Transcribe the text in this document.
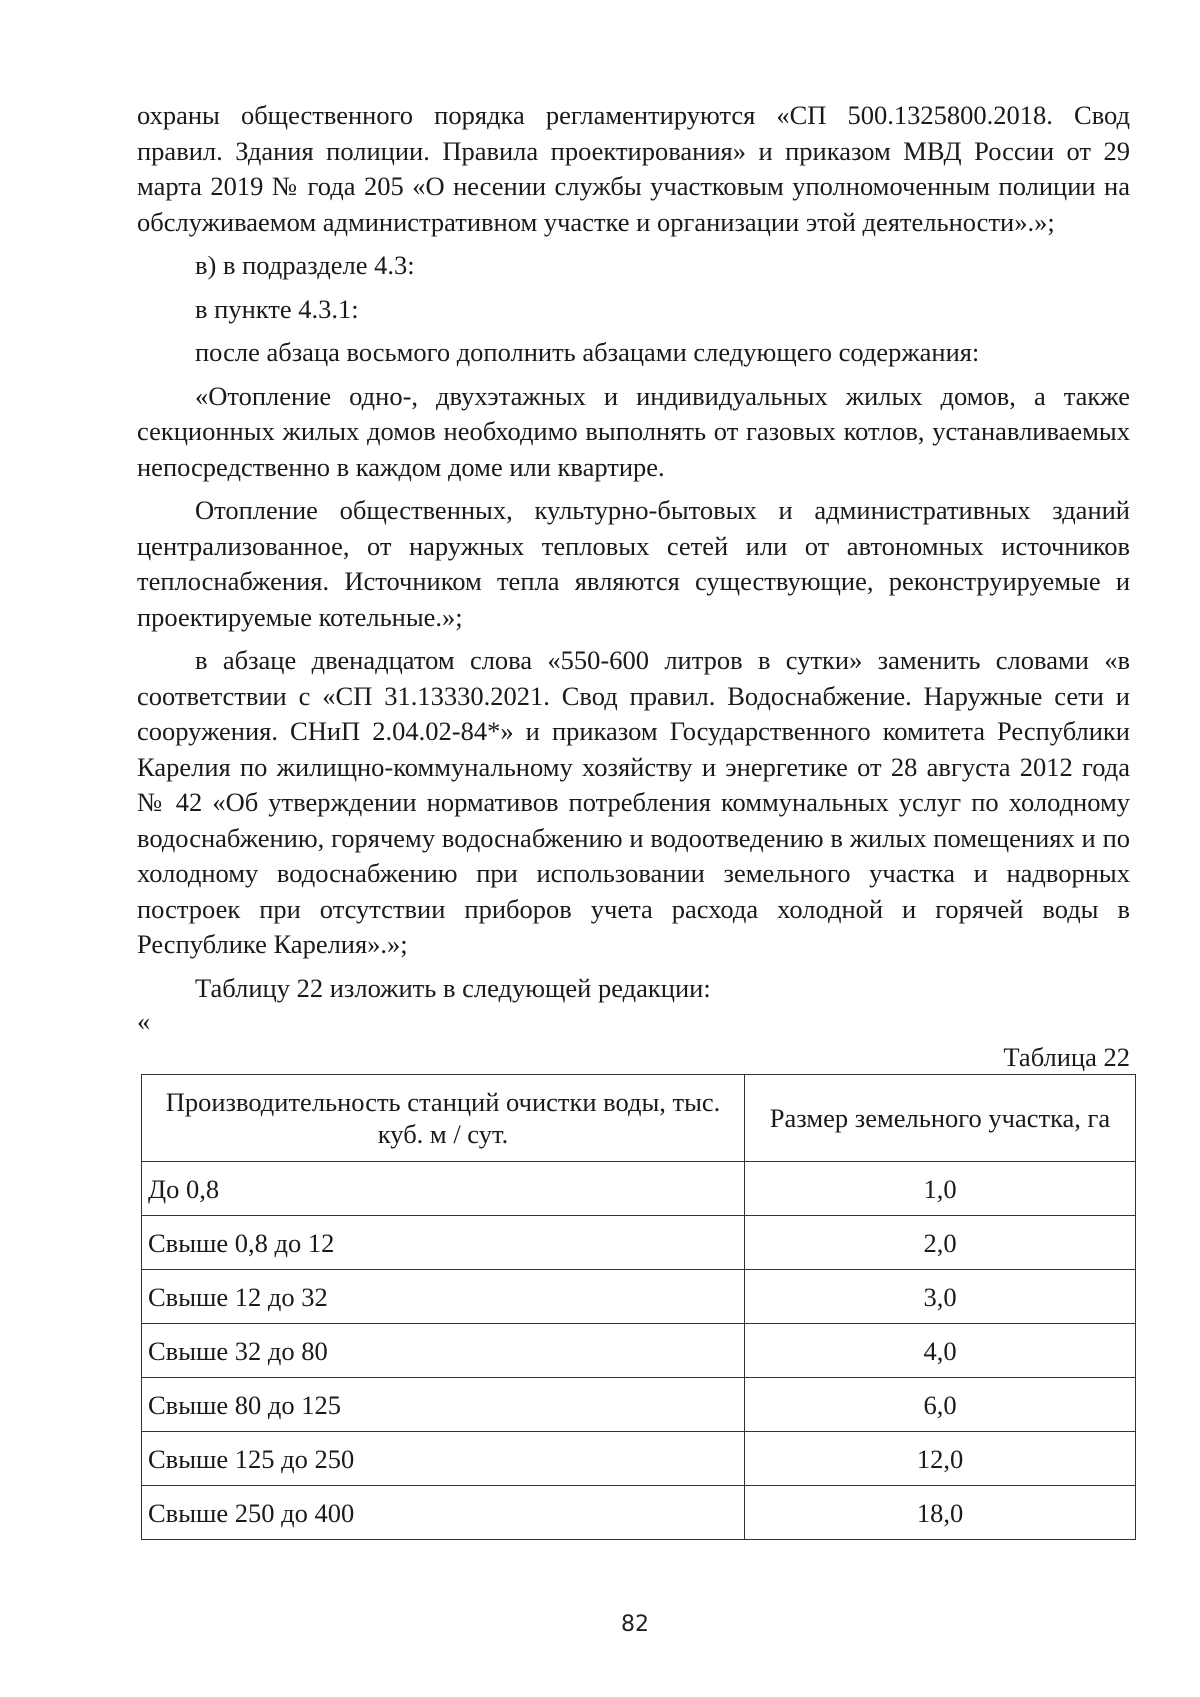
охраны общественного порядка регламентируются «СП 500.1325800.2018. Свод правил. Здания полиции. Правила проектирования» и приказом МВД России от 29 марта 2019 № года 205 «О несении службы участковым уполномоченным полиции на обслуживаемом административном участке и организации этой деятельности».»;

в) в подразделе 4.3:

в пункте 4.3.1:

после абзаца восьмого дополнить абзацами следующего содержания:

«Отопление одно-, двухэтажных и индивидуальных жилых домов, а также секционных жилых домов необходимо выполнять от газовых котлов, устанавливаемых непосредственно в каждом доме или квартире.

Отопление общественных, культурно-бытовых и административных зданий централизованное, от наружных тепловых сетей или от автономных источников теплоснабжения. Источником тепла являются существующие, реконструируемые и проектируемые котельные.»;

в абзаце двенадцатом слова «550-600 литров в сутки» заменить словами «в соответствии с «СП 31.13330.2021. Свод правил. Водоснабжение. Наружные сети и сооружения. СНиП 2.04.02-84*» и приказом Государственного комитета Республики Карелия по жилищно-коммунальному хозяйству и энергетике от 28 августа 2012 года № 42 «Об утверждении нормативов потребления коммунальных услуг по холодному водоснабжению, горячему водоснабжению и водоотведению в жилых помещениях и по холодному водоснабжению при использовании земельного участка и надворных построек при отсутствии приборов учета расхода холодной и горячей воды в Республике Карелия».»;

Таблицу 22 изложить в следующей редакции:

«

Таблица 22

Производительность станций очистки воды, тыс. куб. м / сут.	Размер земельного участка, га
До 0,8	1,0
Свыше 0,8 до 12	2,0
Свыше 12 до 32	3,0
Свыше 32 до 80	4,0
Свыше 80 до 125	6,0
Свыше 125 до 250	12,0
Свыше 250 до 400	18,0
82
